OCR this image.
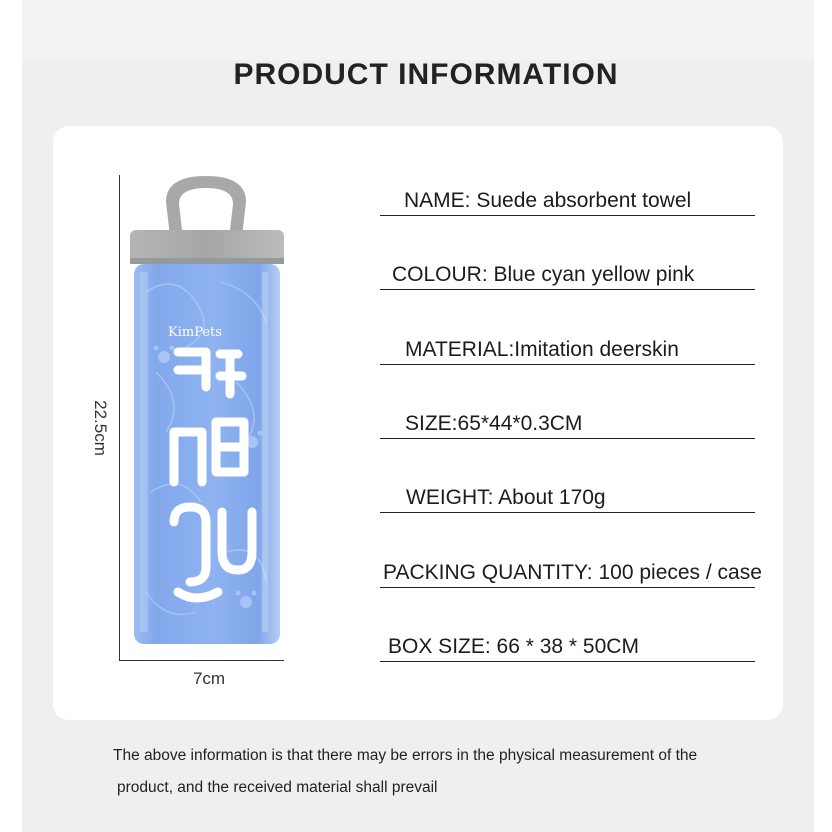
PRODUCT INFORMATION
22.5cm
7cm
KimPets
NAME: Suede absorbent towel
COLOUR: Blue cyan yellow pink
MATERIAL:Imitation deerskin
SIZE:65*44*0.3CM
WEIGHT: About 170g
PACKING QUANTITY: 100 pieces / case
BOX SIZE: 66 * 38 * 50CM
The above information is that there may be errors in the physical measurement of the
product, and the received material shall prevail
